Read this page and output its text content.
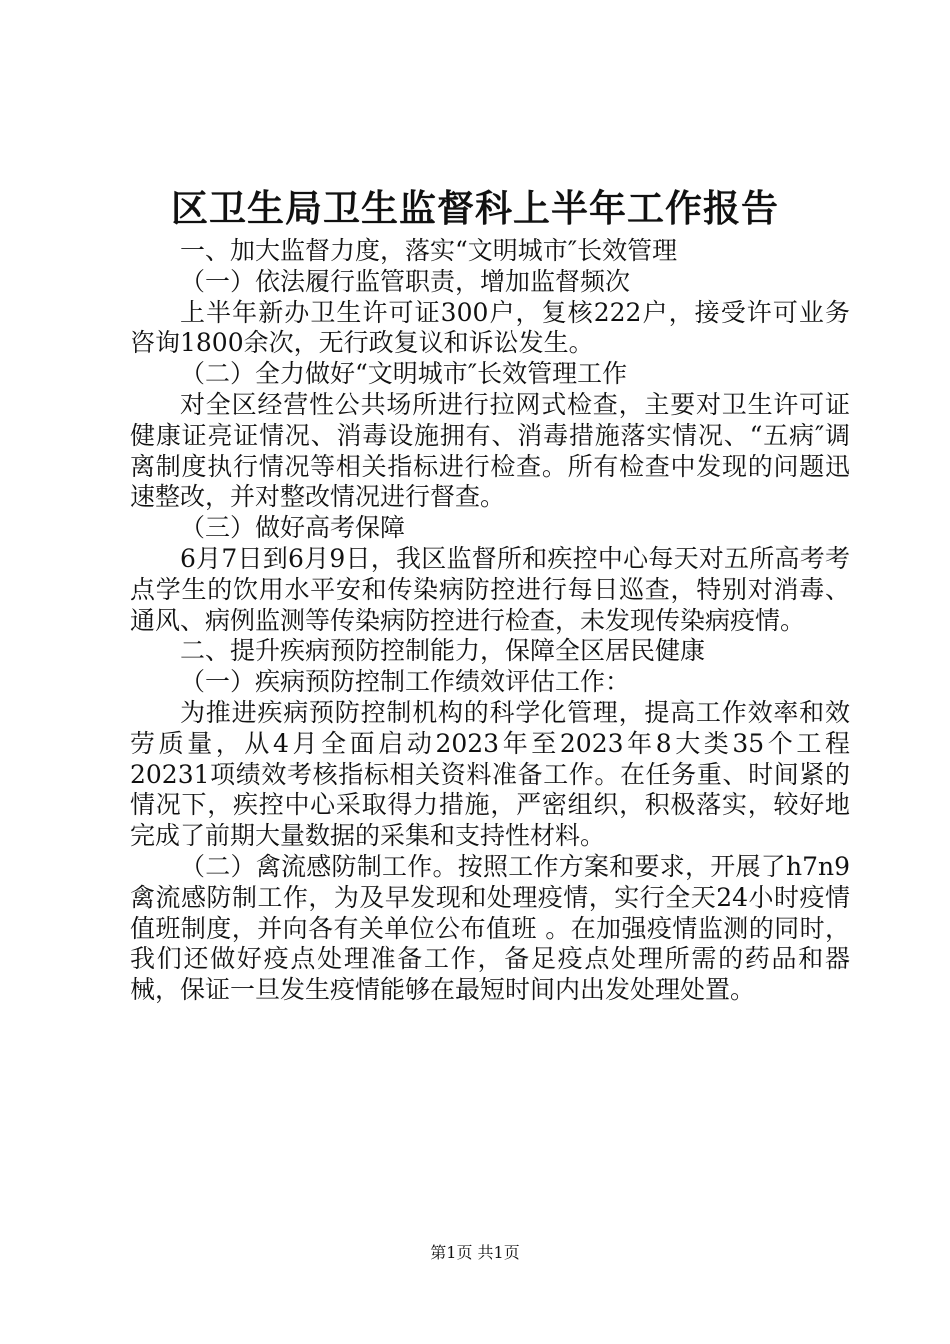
区卫生局卫生监督科上半年工作报告

一、加大监督力度，落实“文明城市″长效管理

（一）依法履行监管职责，增加监督频次

上半年新办卫生许可证300户，复核222户，接受许可业务咨询1800余次，无行政复议和诉讼发生。

（二）全力做好“文明城市″长效管理工作

对全区经营性公共场所进行拉网式检查，主要对卫生许可证健康证亮证情况、消毒设施拥有、消毒措施落实情况、“五病″调离制度执行情况等相关指标进行检查。所有检查中发现的问题迅速整改，并对整改情况进行督查。

（三）做好高考保障

6月7日到6月9日，我区监督所和疾控中心每天对五所高考考点学生的饮用水平安和传染病防控进行每日巡查，特别对消毒、通风、病例监测等传染病防控进行检查，未发现传染病疫情。

二、提升疾病预防控制能力，保障全区居民健康

（一）疾病预防控制工作绩效评估工作：

为推进疾病预防控制机构的科学化管理，提高工作效率和效劳质量，从4月全面启动2023年至2023年8大类35个工程20231项绩效考核指标相关资料准备工作。在任务重、时间紧的情况下，疾控中心采取得力措施，严密组织，积极落实，较好地完成了前期大量数据的采集和支持性材料。

（二）禽流感防制工作。按照工作方案和要求，开展了h7n9禽流感防制工作，为及早发现和处理疫情，实行全天24小时疫情值班制度，并向各有关单位公布值班 。在加强疫情监测的同时，我们还做好疫点处理准备工作，备足疫点处理所需的药品和器械，保证一旦发生疫情能够在最短时间内出发处理处置。

第1页 共1页
